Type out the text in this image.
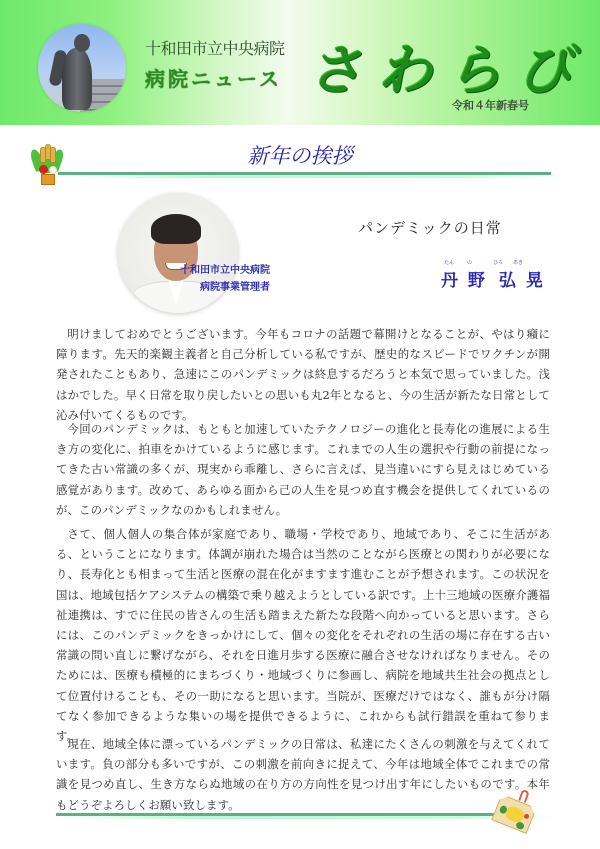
十和田市立中央病院
病院ニュース さわらび
令和４年新春号
新年の挨拶
パンデミックの日常
十和田市立中央病院
病院事業管理者
たん	の	ひろ あき
丹 野 弘 晃

明けましておめでとうございます。今年もコロナの話題で幕開けとなることが、やはり癪に障ります。先天的楽観主義者と自己分析している私ですが、歴史的なスピードでワクチンが開発されたこともあり、急速にこのパンデミックは終息するだろうと本気で思っていました。浅はかでした。早く日常を取り戻したいとの思いも丸2年となると、今の生活が新たな日常として沁み付いてくるものです。

今回のパンデミックは、もともと加速していたテクノロジーの進化と長寿化の進展による生き方の変化に、拍車をかけているように感じます。これまでの人生の選択や行動の前提になってきた古い常識の多くが、現実から乖離し、さらに言えば、見当違いにすら見えはじめている感覚があります。改めて、あらゆる面から己の人生を見つめ直す機会を提供してくれているのが、このパンデミックなのかもしれません。

さて、個人個人の集合体が家庭であり、職場・学校であり、地域であり、そこに生活がある、ということになります。体調が崩れた場合は当然のことながら医療との関わりが必要になり、長寿化とも相まって生活と医療の混在化がますます進むことが予想されます。この状況を国は、地域包括ケアシステムの構築で乗り越えようとしている訳です。上十三地域の医療介護福祉連携は、すでに住民の皆さんの生活も踏まえた新たな段階へ向かっていると思います。さらには、このパンデミックをきっかけにして、個々の変化をそれぞれの生活の場に存在する古い常識の問い直しに繋げながら、それを日進月歩する医療に融合させなければなりません。そのためには、医療も積極的にまちづくり・地域づくりに参画し、病院を地域共生社会の拠点として位置付けることも、その一助になると思います。当院が、医療だけではなく、誰もが分け隔てなく参加できるような集いの場を提供できるように、これからも試行錯誤を重ねて参ります。

現在、地域全体に漂っているパンデミックの日常は、私達にたくさんの刺激を与えてくれています。負の部分も多いですが、この刺激を前向きに捉えて、今年は地域全体でこれまでの常識を見つめ直し、生き方ならぬ地域の在り方の方向性を見つけ出す年にしたいものです。本年もどうぞよろしくお願い致します。
